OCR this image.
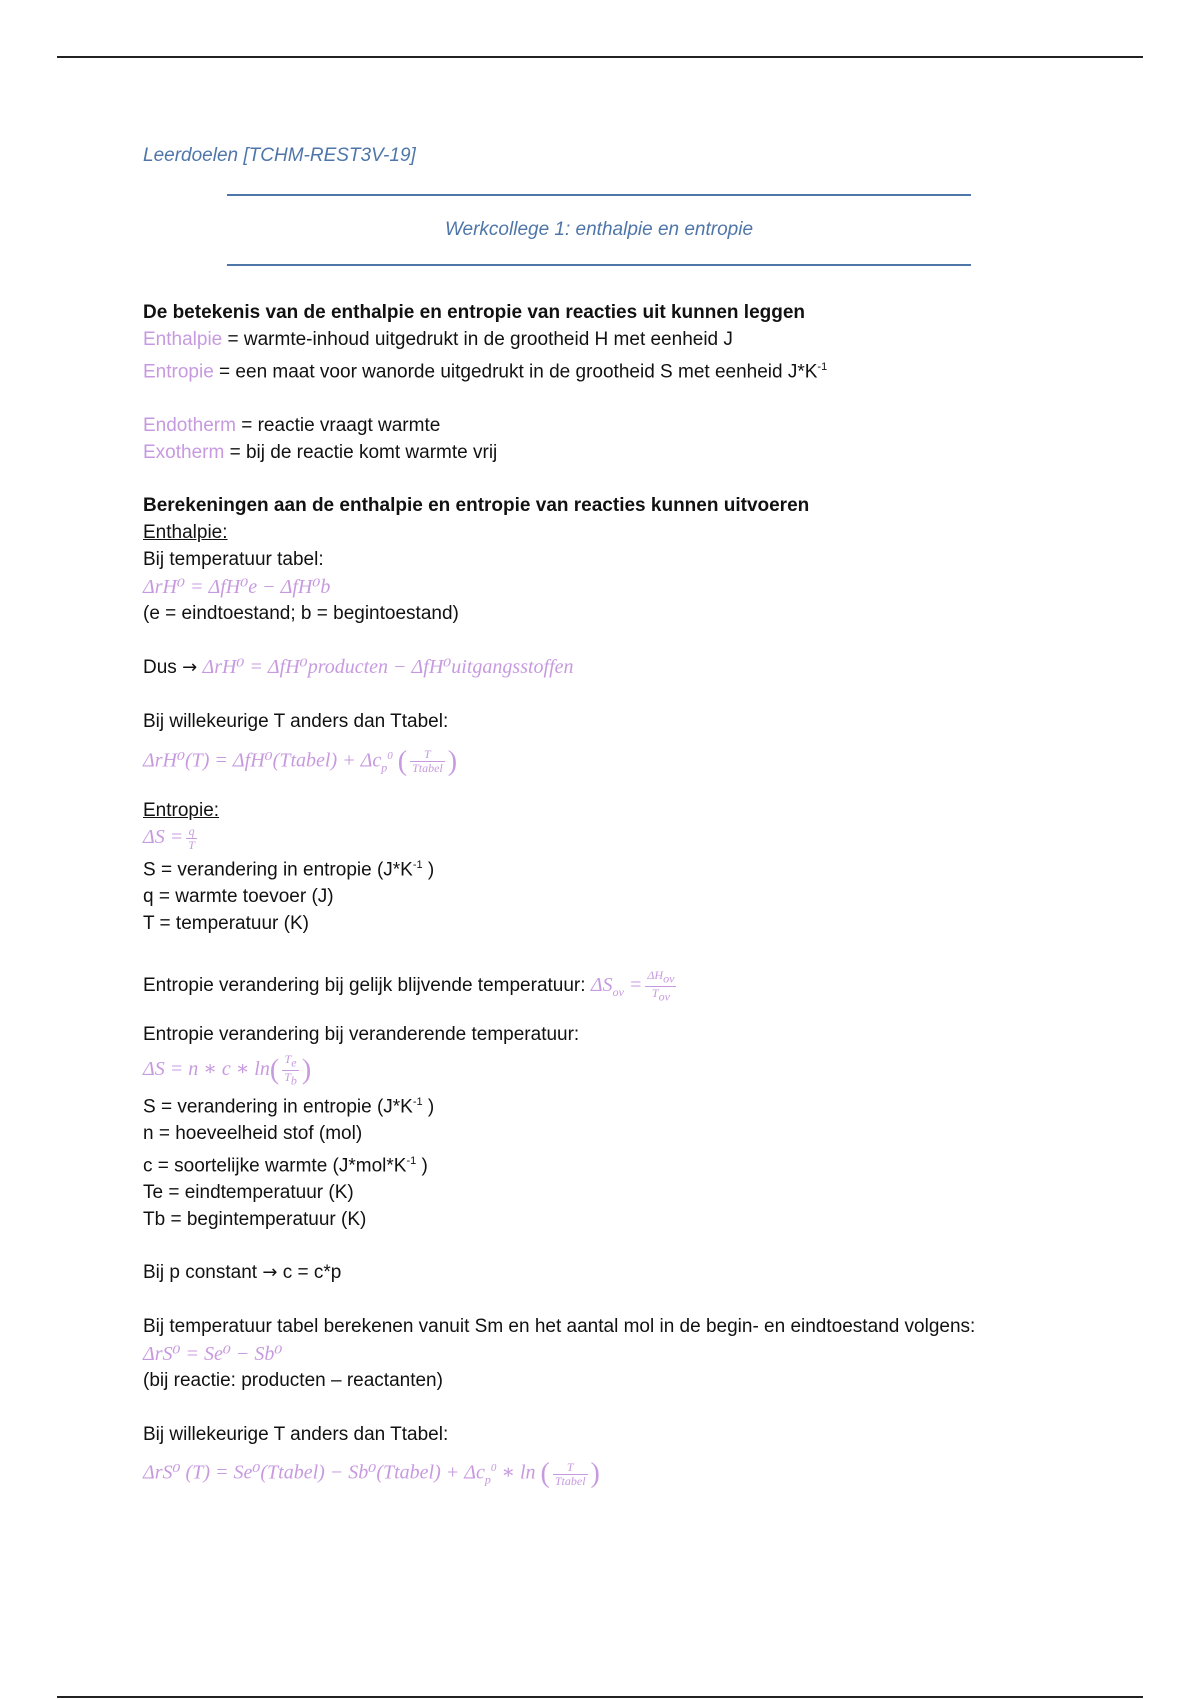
Leerdoelen [TCHM-REST3V-19]

Werkcollege 1: enthalpie en entropie

De betekenis van de enthalpie en entropie van reacties uit kunnen leggen

Enthalpie = warmte-inhoud uitgedrukt in de grootheid H met eenheid J

Entropie = een maat voor wanorde uitgedrukt in de grootheid S met eenheid $J*K^{-1}$

Endotherm = reactie vraagt warmte

Exotherm = bij de reactie komt warmte vrij

Berekeningen aan de enthalpie en entropie van reacties kunnen uitvoeren

Enthalpie:

Bij temperatuur tabel:

ΔrH⁰ = ΔfH⁰e − ΔfH⁰b

(e = eindtoestand; b = begintoestand)

Dus → ΔrH⁰ = ΔfH⁰producten − ΔfH⁰uitgangsstoffen

Bij willekeurige T anders dan Ttabel:

ΔrH⁰(T) = ΔfH⁰(Ttabel) + $\Delta c_p^0$ ( $\frac{T}{\text{Ttabel}}$ )

Entropie:

$\Delta S = \frac{q}{T}$

S = verandering in entropie ($J*K^{-1}$ )

q = warmte toevoer (J)

T = temperatuur (K)

Entropie verandering bij gelijk blijvende temperatuur: $\Delta S_{ov} = \frac{\Delta H_{ov}}{T_{ov}}$

Entropie verandering bij veranderende temperatuur:

ΔS = n ∗ c ∗ $\ln( \frac{T_e}{T_b}$ )

S = verandering in entropie ($J*K^{-1}$ )

n = hoeveelheid stof (mol)

c = soortelijke warmte ($J*mol*K^{-1}$ )

Te = eindtemperatuur (K)

Tb = begintemperatuur (K)

Bij p constant → c = c*p

Bij temperatuur tabel berekenen vanuit Sm en het aantal mol in de begin- en eindtoestand volgens:

ΔrS⁰ = Se⁰ − Sb⁰

(bij reactie: producten – reactanten)

Bij willekeurige T anders dan Ttabel:

ΔrS⁰ (T) = Se⁰(Ttabel) − Sb⁰(Ttabel) + $\Delta c_p^0$ ∗ ln ( $\frac{T}{\text{Ttabel}}$ )
